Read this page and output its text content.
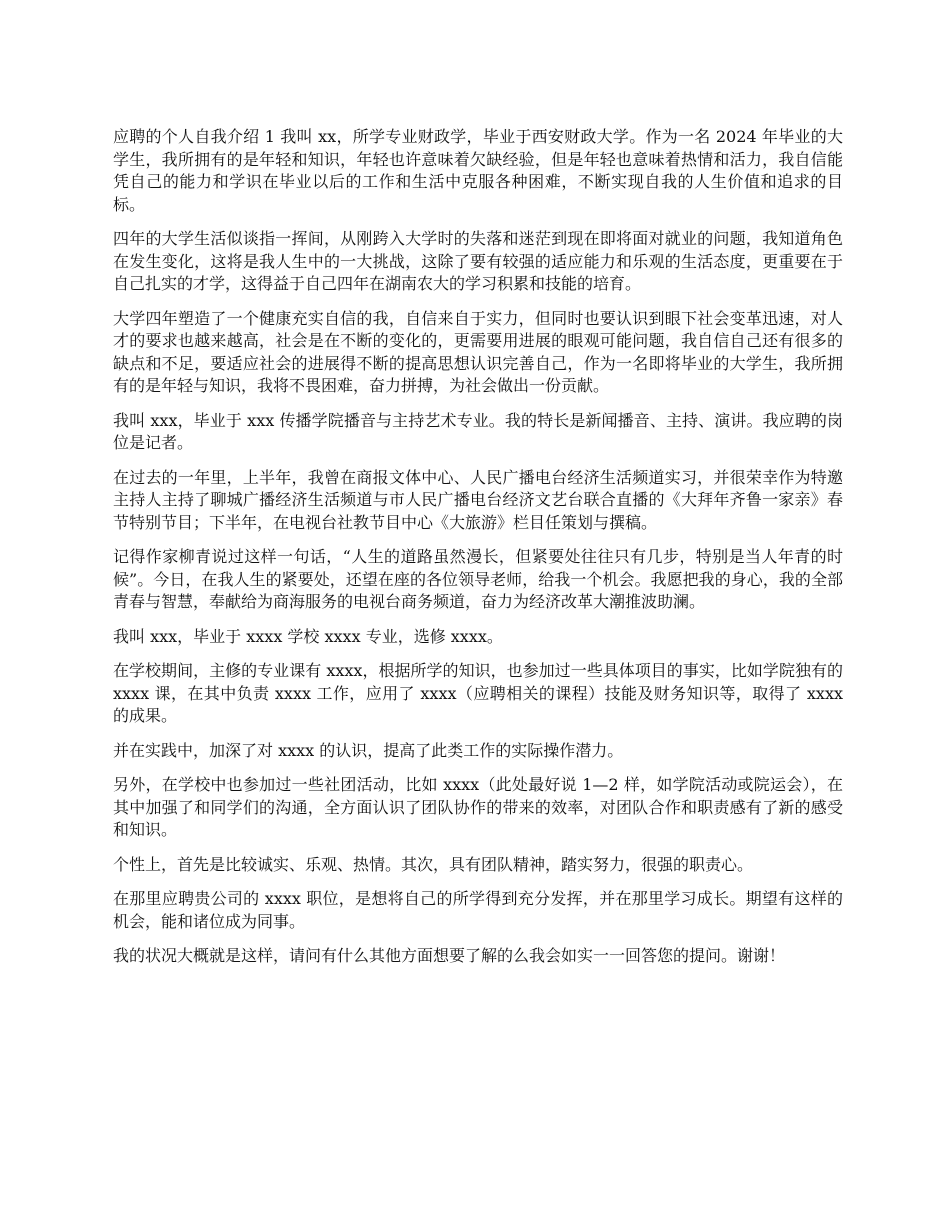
应聘的个人自我介绍 1 我叫 xx，所学专业财政学，毕业于西安财政大学。作为一名 2024 年毕业的大学生，我所拥有的是年轻和知识，年轻也许意味着欠缺经验，但是年轻也意味着热情和活力，我自信能凭自己的能力和学识在毕业以后的工作和生活中克服各种困难，不断实现自我的人生价值和追求的目标。

四年的大学生活似谈指一挥间，从刚跨入大学时的失落和迷茫到现在即将面对就业的问题，我知道角色在发生变化，这将是我人生中的一大挑战，这除了要有较强的适应能力和乐观的生活态度，更重要在于自己扎实的才学，这得益于自己四年在湖南农大的学习积累和技能的培育。

大学四年塑造了一个健康充实自信的我，自信来自于实力，但同时也要认识到眼下社会变革迅速，对人才的要求也越来越高，社会是在不断的变化的，更需要用进展的眼观可能问题，我自信自己还有很多的缺点和不足，要适应社会的进展得不断的提高思想认识完善自己，作为一名即将毕业的大学生，我所拥有的是年轻与知识，我将不畏困难，奋力拼搏，为社会做出一份贡献。

我叫 xxx，毕业于 xxx 传播学院播音与主持艺术专业。我的特长是新闻播音、主持、演讲。我应聘的岗位是记者。

在过去的一年里，上半年，我曾在商报文体中心、人民广播电台经济生活频道实习，并很荣幸作为特邀主持人主持了聊城广播经济生活频道与市人民广播电台经济文艺台联合直播的《大拜年齐鲁一家亲》春节特别节目；下半年，在电视台社教节目中心《大旅游》栏目任策划与撰稿。

记得作家柳青说过这样一句话，“人生的道路虽然漫长，但紧要处往往只有几步，特别是当人年青的时候”。今日，在我人生的紧要处，还望在座的各位领导老师，给我一个机会。我愿把我的身心，我的全部青春与智慧，奉献给为商海服务的电视台商务频道，奋力为经济改革大潮推波助澜。

我叫 xxx，毕业于 xxxx 学校 xxxx 专业，选修 xxxx。

在学校期间，主修的专业课有 xxxx，根据所学的知识，也参加过一些具体项目的事实，比如学院独有的 xxxx 课，在其中负责 xxxx 工作，应用了 xxxx（应聘相关的课程）技能及财务知识等，取得了 xxxx 的成果。

并在实践中，加深了对 xxxx 的认识，提高了此类工作的实际操作潜力。

另外，在学校中也参加过一些社团活动，比如 xxxx（此处最好说 1—2 样，如学院活动或院运会），在其中加强了和同学们的沟通，全方面认识了团队协作的带来的效率，对团队合作和职责感有了新的感受和知识。

个性上，首先是比较诚实、乐观、热情。其次，具有团队精神，踏实努力，很强的职责心。

在那里应聘贵公司的 xxxx 职位，是想将自己的所学得到充分发挥，并在那里学习成长。期望有这样的机会，能和诸位成为同事。

我的状况大概就是这样，请问有什么其他方面想要了解的么我会如实一一回答您的提问。谢谢！
